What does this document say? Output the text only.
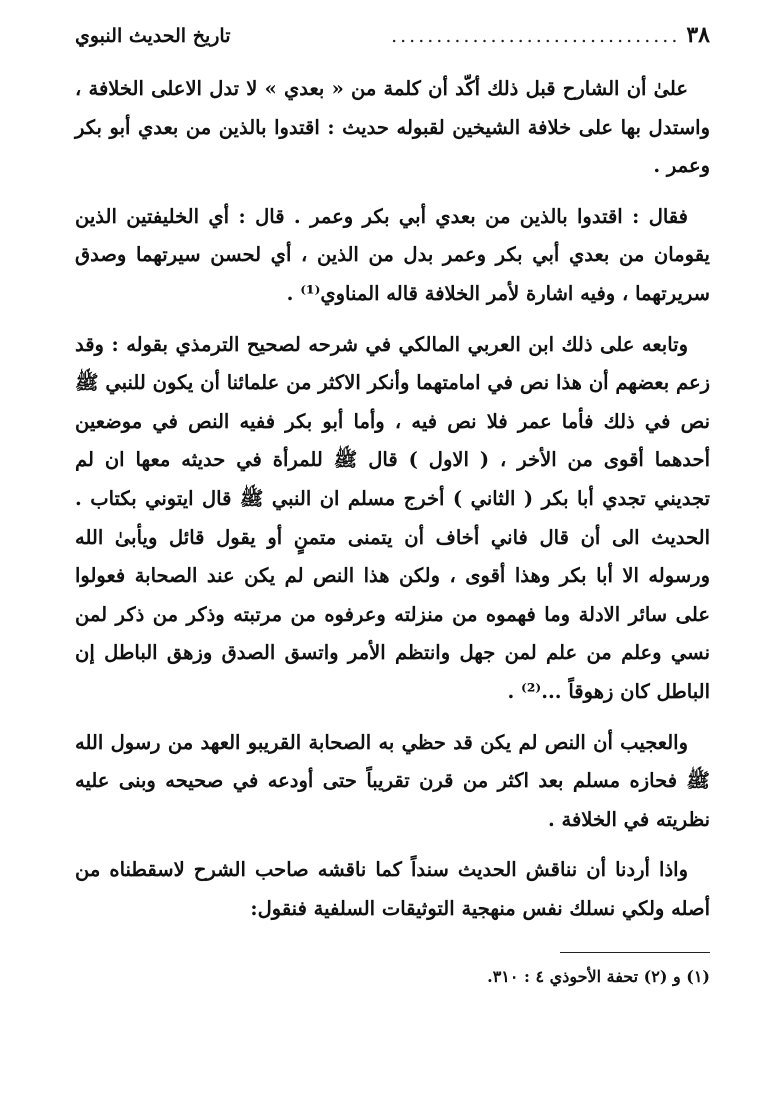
٣٨
................................
تاريخ الحديث النبوي

علىٰ أن الشارح قبل ذلك أكّد أن كلمة من « بعدي » لا تدل الاعلى الخلافة ، واستدل بها على خلافة الشيخين لقبوله حديث : اقتدوا بالذين من بعدي أبو بكر وعمر .

فقال : اقتدوا بالذين من بعدي أبي بكر وعمر . قال : أي الخليفتين الذين يقومان من بعدي أبي بكر وعمر بدل من الذين ، أي لحسن سيرتهما وصدق سريرتهما ، وفيه اشارة لأمر الخلافة قاله المناوي⁽¹⁾ .

وتابعه على ذلك ابن العربي المالكي في شرحه لصحيح الترمذي بقوله : وقد زعم بعضهم أن هذا نص في امامتهما وأنكر الاكثر من علمائنا أن يكون للنبي ﷺ نص في ذلك فأما عمر فلا نص فيه ، وأما أبو بكر ففيه النص في موضعين أحدهما أقوى من الأخر ، ( الاول ) قال ﷺ للمرأة في حديثه معها ان لم تجديني تجدي أبا بكر ( الثاني ) أخرج مسلم ان النبي ﷺ قال ايتوني بكتاب . الحديث الى أن قال فاني أخاف أن يتمنى متمنٍ أو يقول قائل ويأبىٰ الله ورسوله الا أبا بكر وهذا أقوى ، ولكن هذا النص لم يكن عند الصحابة فعولوا على سائر الادلة وما فهموه من منزلته وعرفوه من مرتبته وذكر من ذكر لمن نسي وعلم من علم لمن جهل وانتظم الأمر واتسق الصدق وزهق الباطل إن الباطل كان زهوقاً ...⁽²⁾ .

والعجيب أن النص لم يكن قد حظي به الصحابة القريبو العهد من رسول الله ﷺ فحازه مسلم بعد اكثر من قرن تقريباً حتى أودعه في صحيحه وبنى عليه نظريته في الخلافة .

واذا أردنا أن نناقش الحديث سنداً كما ناقشه صاحب الشرح لاسقطناه من أصله ولكي نسلك نفس منهجية التوثيقات السلفية فنقول:

(١) و (٢) تحفة الأحوذي ٤ : ٣١٠.
